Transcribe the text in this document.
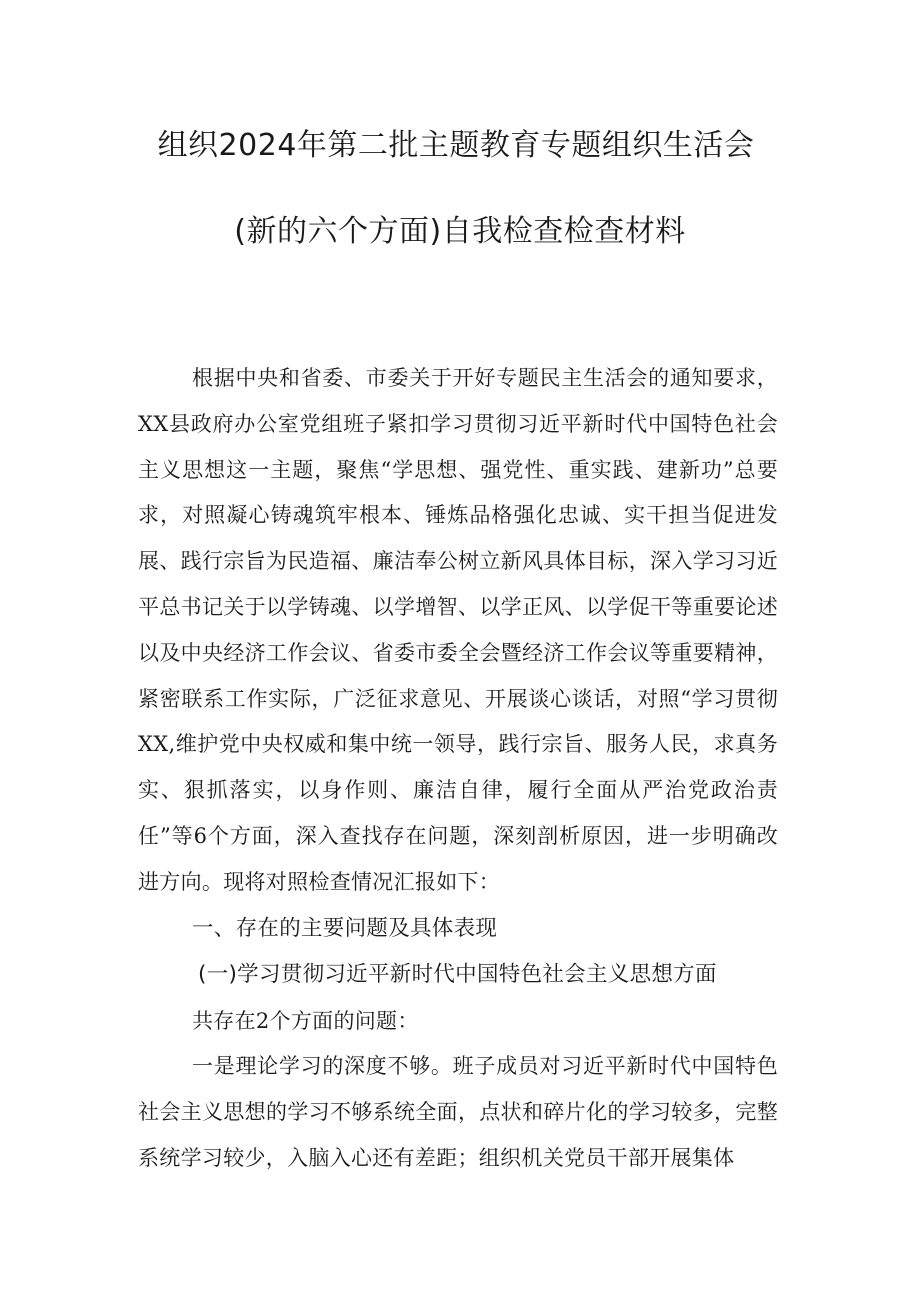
组织2024年第二批主题教育专题组织生活会
(新的六个方面)自我检查检查材料

根据中央和省委、市委关于开好专题民主生活会的通知要求，XX县政府办公室党组班子紧扣学习贯彻习近平新时代中国特色社会主义思想这一主题，聚焦“学思想、强党性、重实践、建新功”总要求，对照凝心铸魂筑牢根本、锤炼品格强化忠诚、实干担当促进发展、践行宗旨为民造福、廉洁奉公树立新风具体目标，深入学习习近平总书记关于以学铸魂、以学增智、以学正风、以学促干等重要论述以及中央经济工作会议、省委市委全会暨经济工作会议等重要精神，紧密联系工作实际，广泛征求意见、开展谈心谈话，对照“学习贯彻XX,维护党中央权威和集中统一领导，践行宗旨、服务人民，求真务实、狠抓落实，以身作则、廉洁自律，履行全面从严治党政治责任”等6个方面，深入查找存在问题，深刻剖析原因，进一步明确改进方向。现将对照检查情况汇报如下：

一、存在的主要问题及具体表现
(一)学习贯彻习近平新时代中国特色社会主义思想方面

共存在2个方面的问题：

一是理论学习的深度不够。班子成员对习近平新时代中国特色社会主义思想的学习不够系统全面，点状和碎片化的学习较多，完整系统学习较少，入脑入心还有差距；组织机关党员干部开展集体
